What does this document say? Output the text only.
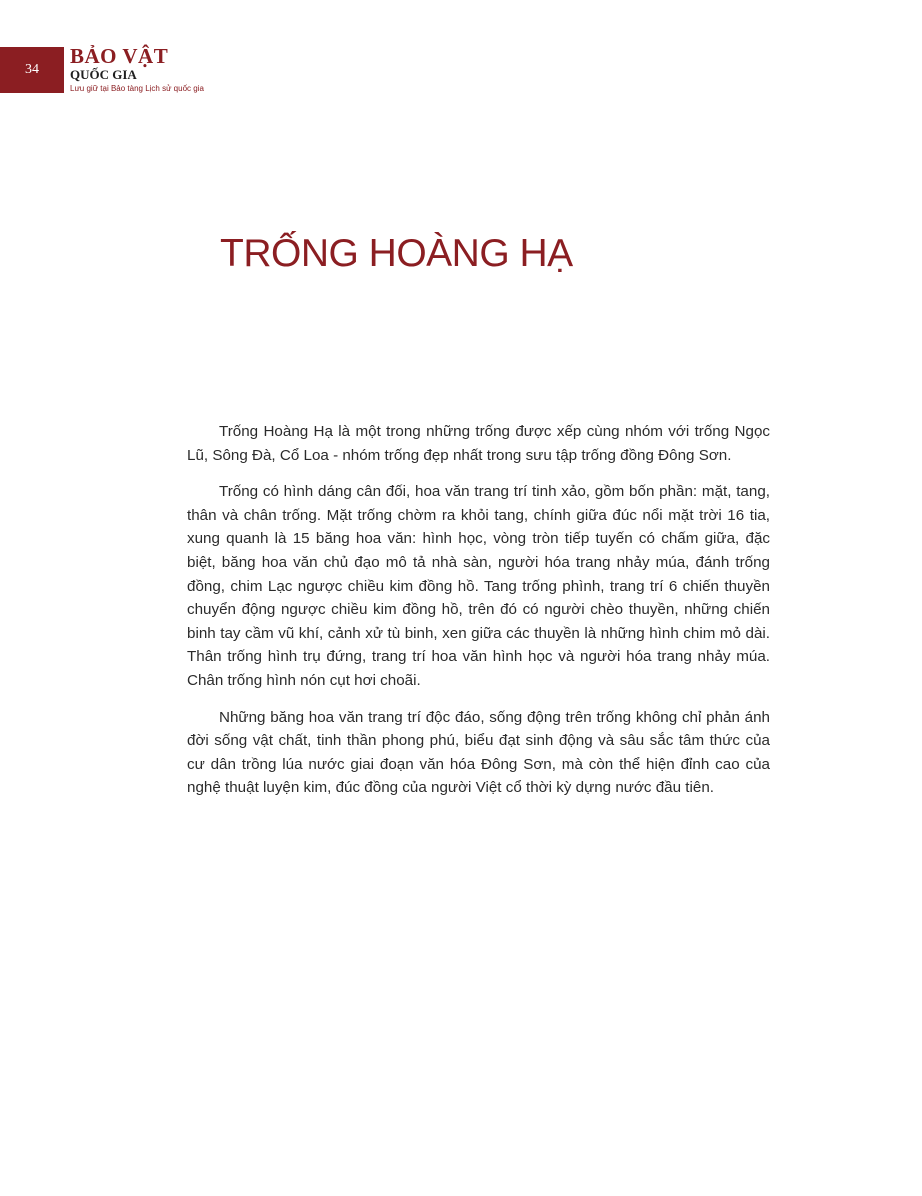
34
BẢO VẬT
QUỐC GIA
Lưu giữ tại Bảo tàng Lịch sử quốc gia
TRỐNG HOÀNG HẠ

Trống Hoàng Hạ là một trong những trống được xếp cùng nhóm với trống Ngọc Lũ, Sông Đà, Cổ Loa - nhóm trống đẹp nhất trong sưu tập trống đồng Đông Sơn.

Trống có hình dáng cân đối, hoa văn trang trí tinh xảo, gồm bốn phần: mặt, tang, thân và chân trống. Mặt trống chờm ra khỏi tang, chính giữa đúc nổi mặt trời 16 tia, xung quanh là 15 băng hoa văn: hình học, vòng tròn tiếp tuyến có chấm giữa, đặc biệt, băng hoa văn chủ đạo mô tả nhà sàn, người hóa trang nhảy múa, đánh trống đồng, chim Lạc ngược chiều kim đồng hồ. Tang trống phình, trang trí 6 chiến thuyền chuyển động ngược chiều kim đồng hồ, trên đó có người chèo thuyền, những chiến binh tay cầm vũ khí, cảnh xử tù binh, xen giữa các thuyền là những hình chim mỏ dài. Thân trống hình trụ đứng, trang trí hoa văn hình học và người hóa trang nhảy múa. Chân trống hình nón cụt hơi choãi.

Những băng hoa văn trang trí độc đáo, sống động trên trống không chỉ phản ánh đời sống vật chất, tinh thần phong phú, biểu đạt sinh động và sâu sắc tâm thức của cư dân trồng lúa nước giai đoạn văn hóa Đông Sơn, mà còn thể hiện đỉnh cao của nghệ thuật luyện kim, đúc đồng của người Việt cổ thời kỳ dựng nước đầu tiên.
